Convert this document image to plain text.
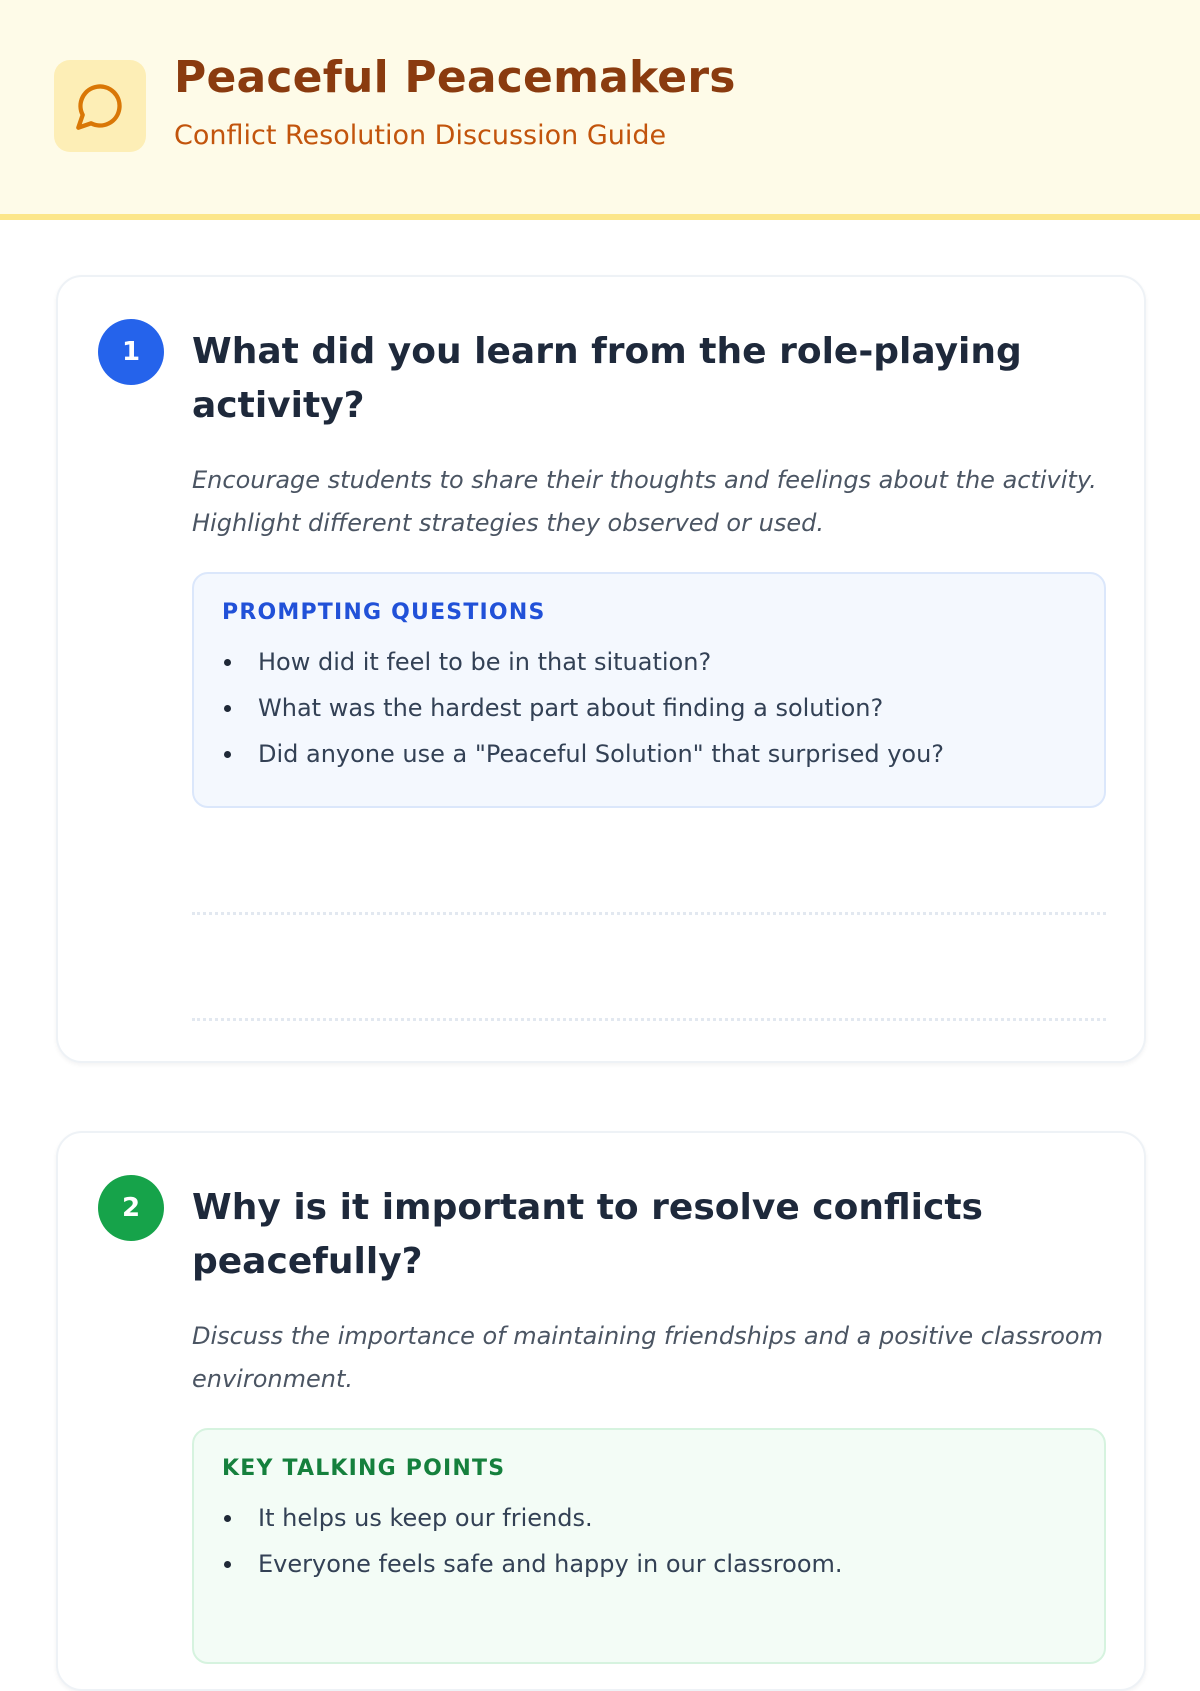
Peaceful Peacemakers
Conflict Resolution Discussion Guide
1	What did you learn from the role-playing activity?

Encourage students to share their thoughts and feelings about the activity. Highlight different strategies they observed or used.

PROMPTING QUESTIONS
How did it feel to be in that situation?
What was the hardest part about finding a solution?
Did anyone use a "Peaceful Solution" that surprised you?
2	Why is it important to resolve conflicts peacefully?

Discuss the importance of maintaining friendships and a positive classroom environment.

KEY TALKING POINTS
It helps us keep our friends.
Everyone feels safe and happy in our classroom.
